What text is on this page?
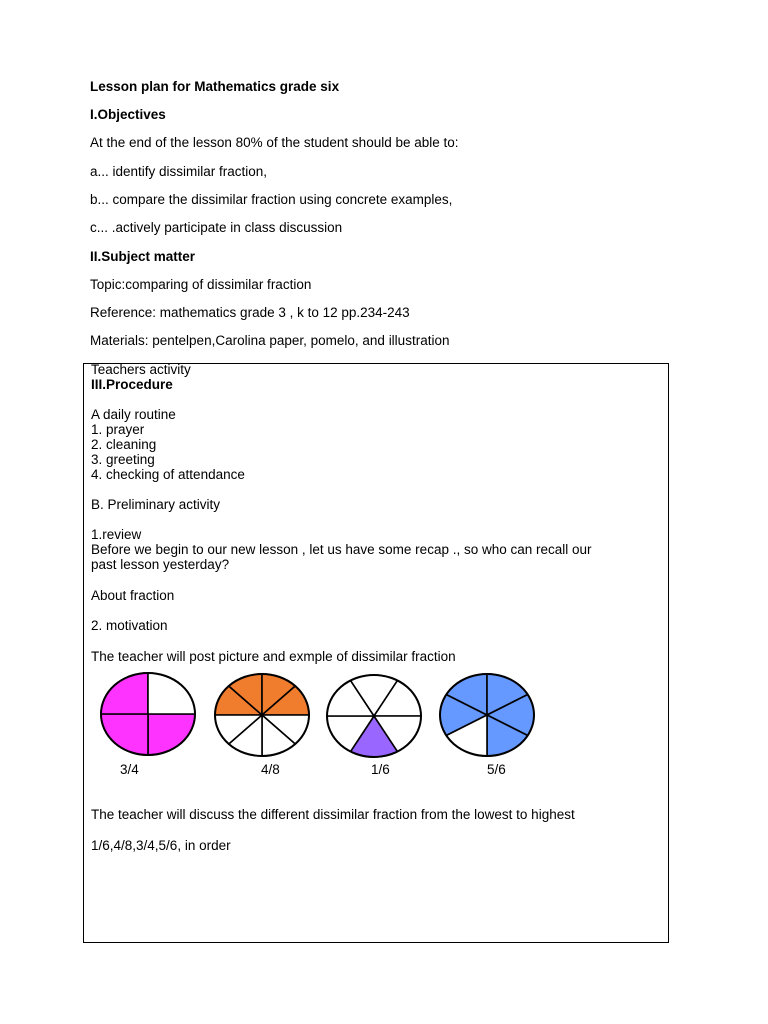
Lesson plan for Mathematics grade six
I.Objectives
At the end of the lesson 80% of the student should be able to:
a... identify dissimilar fraction,
b... compare the dissimilar fraction using concrete examples,
c... .actively participate in class discussion
II.Subject matter
Topic:comparing of dissimilar fraction
Reference: mathematics grade 3 , k to 12 pp.234-243
Materials: pentelpen,Carolina paper, pomelo, and illustration
Teachers activity
III.Procedure
A daily routine
1. prayer
2. cleaning
3. greeting
4. checking of attendance
B. Preliminary activity
1.review
Before we begin to our new lesson , let us have some recap ., so who can recall our
past lesson yesterday?
About fraction
2. motivation
The teacher will post picture and exmple of dissimilar fraction
3/4	4/8	1/6	5/6
The teacher will discuss the different dissimilar fraction from the lowest to highest
1/6,4/8,3/4,5/6, in order
